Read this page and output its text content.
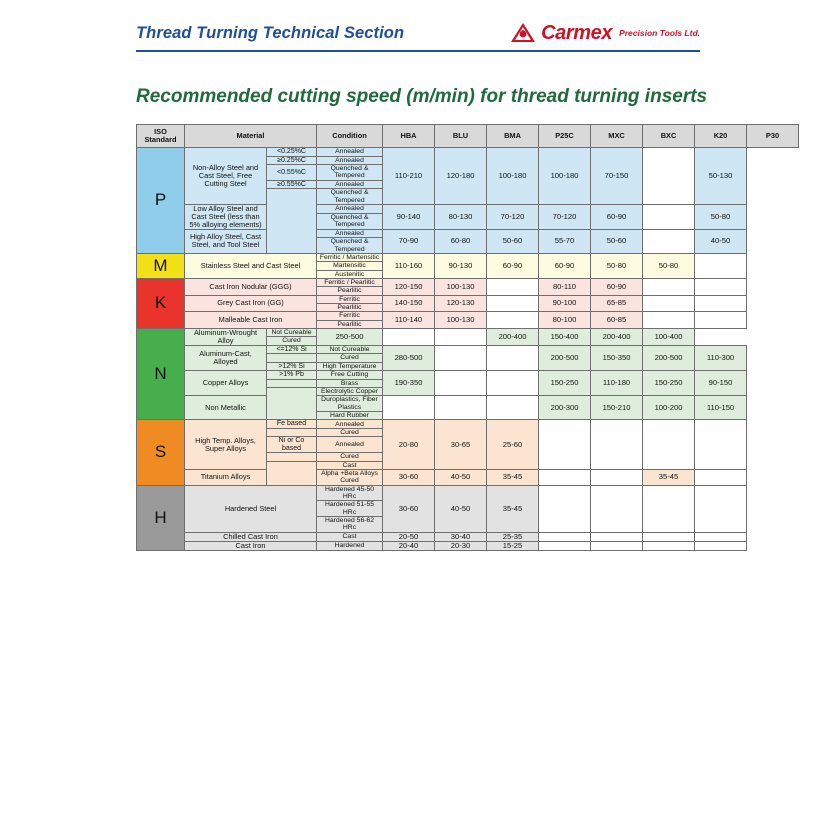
Thread Turning Technical Section	Carmex Precision Tools Ltd.
Recommended cutting speed (m/min) for thread turning inserts
ISO Standard	Material		Condition	HBA	BLU	BMA	P25C	MXC	BXC	K20	P30
P	Non-Alloy Steel and Cast Steel, Free Cutting Steel	<0.25%C	Annealed	110-210	120-180	100-180	100-180	70-150		50-130	
		≥0.25%C	Annealed								
		<0.55%C	Quenched & Tempered								
		≥0.55%C	Annealed								
			Quenched & Tempered								
	Low Alloy Steel and Cast Steel (less than 5% alloying elements)		Annealed	90-140	80-130	70-120	70-120	60-90		50-80	
			Quenched & Tempered								
	High Alloy Steel, Cast Steel, and Tool Steel		Annealed	70-90	60-80	50-60	55-70	50-60		40-50	
			Quenched & Tempered								
M	Stainless Steel and Cast Steel		Ferritic / Martensitic	110-160	90-130	60-90	60-90	50-80	50-80		
			Martensitic								
			Austenitic								
K	Cast Iron Nodular (GGG)		Ferritic / Pearlitic	120-150	100-130		80-110	60-90			
			Pearlitic								
	Grey Cast Iron (GG)		Ferritic	140-150	120-130		90-100	65-85			
			Pearlitic								
	Malleable Cast Iron		Ferritic	110-140	100-130		80-100	60-85			
			Pearlitic								
N	Aluminum-Wrought Alloy	Not Cureable	250-500			200-400	150-400	200-400	100-400		
		Cured									
	Aluminum-Cast, Alloyed	<=12% Si	Not Cureable	280-500			200-500	150-350	200-500	110-300	
			Cured								
		>12% Si	High Temperature								
	Copper Alloys	>1% Pb	Free Cutting	190-350			150-250	110-180	150-250	90-150	
			Brass								
			Electrolytic Copper								
	Non Metallic		Duroplastics, Fiber Plastics				200-300	150-210	100-200	110-150	
			Hard Rubber								
S	High Temp. Alloys, Super Alloys	Fe based	Annealed	20-80	30-65	25-60					
			Cured								
		Ni or Co based	Annealed								
			Cured								
			Cast								
	Titanium Alloys		Alpha +Beta Alloys Cured	30-60	40-50	35-45			35-45		
H	Hardened Steel		Hardened 45-50 HRc	30-60	40-50	35-45					
			Hardened 51-55 HRc								
			Hardened 56-62 HRc								
	Chilled Cast Iron		Cast	20-50	30-40	25-35					
	Cast Iron		Hardened	20-40	20-30	15-25					
